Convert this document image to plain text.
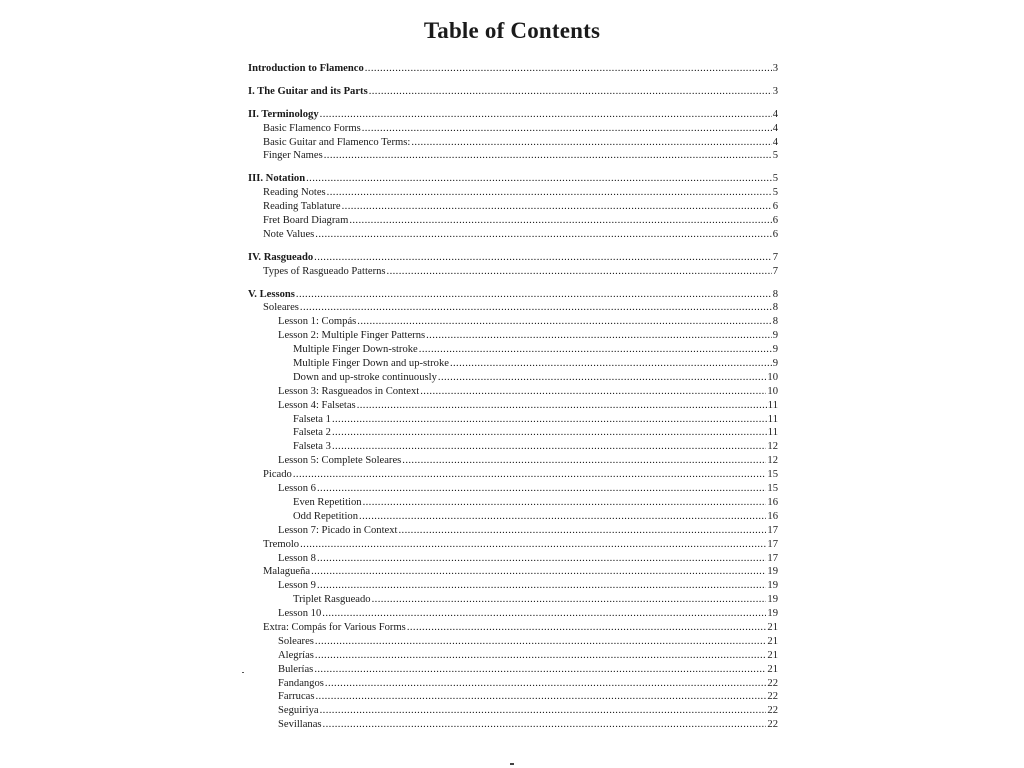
Table of Contents
Introduction to Flamenco .....	3
I. The Guitar and its Parts .....	3
II. Terminology .....	4
Basic Flamenco Forms .....	4
Basic Guitar and Flamenco Terms: .....	4
Finger Names .....	5
III. Notation .....	5
Reading Notes .....	5
Reading Tablature .....	6
Fret Board Diagram .....	6
Note Values .....	6
IV. Rasgueado .....	7
Types of Rasgueado Patterns .....	7
V. Lessons .....	8
Soleares .....	8
Lesson 1: Compás .....	8
Lesson 2: Multiple Finger Patterns .....	9
Multiple Finger Down-stroke .....	9
Multiple Finger Down and up-stroke .....	9
Down and up-stroke continuously .....	10
Lesson 3: Rasgueados in Context .....	10
Lesson 4: Falsetas .....	11
Falseta 1 .....	11
Falseta 2 .....	11
Falseta 3 .....	12
Lesson 5: Complete Soleares .....	12
Picado .....	15
Lesson 6 .....	15
Even Repetition .....	16
Odd Repetition .....	16
Lesson 7: Picado in Context .....	17
Tremolo .....	17
Lesson 8 .....	17
Malagueña .....	19
Lesson 9 .....	19
Triplet Rasgueado .....	19
Lesson 10 .....	19
Extra: Compás for Various Forms .....	21
Soleares .....	21
Alegrías .....	21
Bulerías .....	21
Fandangos .....	22
Farrucas .....	22
Seguiriya .....	22
Sevillanas .....	22
